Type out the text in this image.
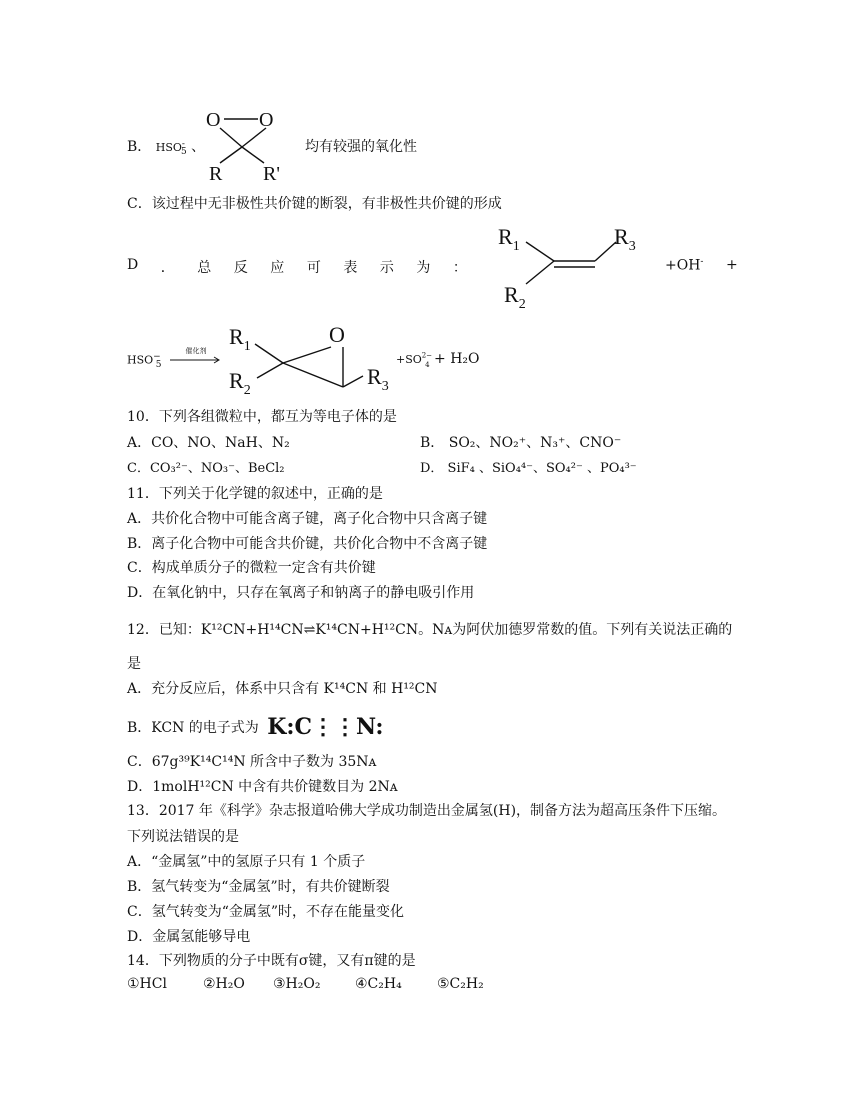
B． $HSO^-_5$ 、
O O
R R'
均有较强的氧化性
C．该过程中无非极性共价键的断裂，有非极性共价键的形成
D ． 总 反 应 可 表 示 为 ：
$R_1$	$R_3$
$R_2$
+OH- +
$HSO^-_5$
催化剂
$R_1$	O
$R_2$
$R_3$
$+SO^{2-}_4 + H_2O$
10．下列各组微粒中，都互为等电子体的是
A．CO、NO、NaH、N₂	B． SO₂、NO₂⁺、N₃⁺、CNO⁻
C．CO₃²⁻、NO₃⁻、BeCl₂	D． SiF₄ 、SiO₄⁴⁻、SO₄²⁻ 、PO₄³⁻
11．下列关于化学键的叙述中，正确的是
A．共价化合物中可能含离子键，离子化合物中只含离子键
B．离子化合物中可能含共价键，共价化合物中不含离子键
C．构成单质分子的微粒一定含有共价键
D．在氧化钠中，只存在氧离子和钠离子的静电吸引作用
12．已知：K¹²CN+H¹⁴CN⇌K¹⁴CN+H¹²CN。Nᴀ为阿伏加德罗常数的值。下列有关说法正确的
是
A．充分反应后，体系中只含有 K¹⁴CN 和 H¹²CN
B．KCN 的电子式为 K:C⋮⋮N:
C．67g³⁹K¹⁴C¹⁴N 所含中子数为 35Nᴀ
D．1molH¹²CN 中含有共价键数目为 2Nᴀ
13．2017 年《科学》杂志报道哈佛大学成功制造出金属氢(H)，制备方法为超高压条件下压缩。
下列说法错误的是
A．“金属氢”中的氢原子只有 1 个质子
B．氢气转变为“金属氢”时，有共价键断裂
C．氢气转变为“金属氢”时，不存在能量变化
D．金属氢能够导电
14．下列物质的分子中既有σ键，又有π键的是
①HCl	②H₂O ③H₂O₂ ④C₂H₄	⑤C₂H₂
